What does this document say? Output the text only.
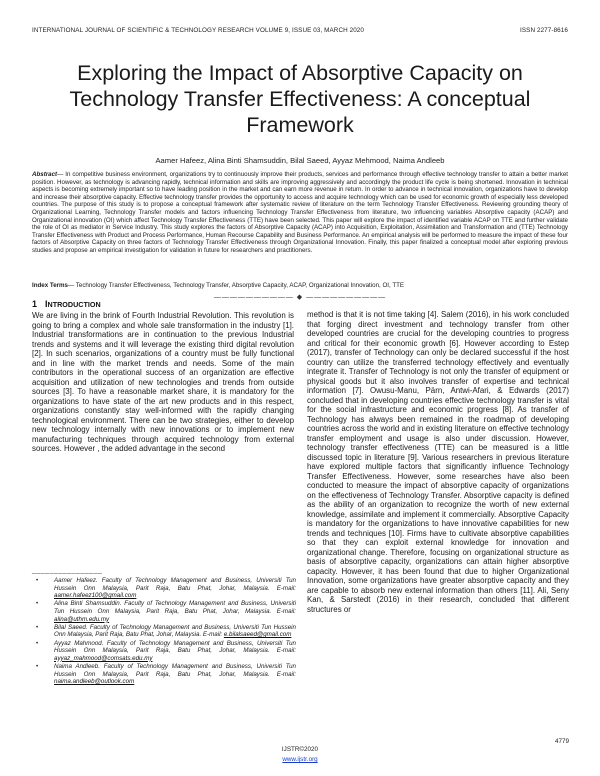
INTERNATIONAL JOURNAL OF SCIENTIFIC & TECHNOLOGY RESEARCH VOLUME 9, ISSUE 03, MARCH 2020	ISSN 2277-8616
Exploring the Impact of Absorptive Capacity on Technology Transfer Effectiveness: A conceptual Framework
Aamer Hafeez, Alina Binti Shamsuddin, Bilal Saeed, Ayyaz Mehmood, Naima Andleeb
Abstract— In competitive business environment, organizations try to continuously improve their products, services and performance through effective technology transfer to attain a better market position. However, as technology is advancing rapidly, technical information and skills are improving aggressively and accordingly the product life cycle is being shortened. Innovation in technical aspects is becoming extremely important so to have leading position in the market and can earn more revenue in return. In order to advance in technical innovation, organizations have to develop and increase their absorptive capacity. Effective technology transfer provides the opportunity to access and acquire technology which can be used for economic growth of especially less developed countries. The purpose of this study is to propose a conceptual framework after systematic review of literature on the term Technology Transfer Effectiveness. Reviewing grounding theory of Organizational Learning, Technology Transfer models and factors influencing Technology Transfer Effectiveness from literature, two influencing variables Absorptive capacity (ACAP) and Organizational innovation (OI) which affect Technology Transfer Effectiveness (TTE) have been selected. This paper will explore the impact of identified variable ACAP on TTE and further validate the role of OI as mediator in Service Industry. This study explores the factors of Absorptive Capacity (ACAP) into Acquisition, Exploitation, Assimilation and Transformation and (TTE) Technology Transfer Effectiveness with Product and Process Performance, Human Recourse Capability and Business Performance. An empirical analysis will be performed to measure the impact of these four factors of Absorptive Capacity on three factors of Technology Transfer Effectiveness through Organizational Innovation. Finally, this paper finalized a conceptual model after exploring previous studies and propose an empirical investigation for validation in future for researchers and practitioners.
Index Terms— Technology Transfer Effectiveness, Technology Transfer, Absorptive Capacity, ACAP, Organizational Innovation, OI, TTE
—————————— ◆ ——————————
1 INTRODUCTION

We are living in the brink of Fourth Industrial Revolution. This revolution is going to bring a complex and whole sale transformation in the industry [1]. Industrial transformations are in continuation to the previous Industrial trends and systems and it will leverage the existing third digital revolution [2]. In such scenarios, organizations of a country must be fully functional and in line with the market trends and needs. Some of the main contributors in the operational success of an organization are effective acquisition and utilization of new technologies and trends from outside sources [3]. To have a reasonable market share, it is mandatory for the organizations to have state of the art new products and in this respect, organizations constantly stay well-informed with the rapidly changing technological environment. There can be two strategies, either to develop new technology internally with new innovations or to implement new manufacturing techniques through acquired technology from external sources. However , the added advantage in the second

method is that it is not time taking [4]. Salem (2016), in his work concluded that forging direct investment and technology transfer from other developed countries are crucial for the developing countries to progress and critical for their economic growth [6]. However according to Estep (2017), transfer of Technology can only be declared successful if the host country can utilize the transferred technology effectively and eventually integrate it. Transfer of Technology is not only the transfer of equipment or physical goods but it also involves transfer of expertise and technical information [7]. Owusu-Manu, Pärn, Antwi-Afari, & Edwards (2017) concluded that in developing countries effective technology transfer is vital for the social infrastructure and economic progress [8]. As transfer of Technology has always been remained in the roadmap of developing countries across the world and in existing literature on effective technology transfer employment and usage is also under discussion. However, technology transfer effectiveness (TTE) can be measured is a little discussed topic in literature [9]. Various researchers in previous literature have explored multiple factors that significantly influence Technology Transfer Effectiveness. However, some researches have also been conducted to measure the impact of absorptive capacity of organizations on the effectiveness of Technology Transfer. Absorptive capacity is defined as the ability of an organization to recognize the worth of new external knowledge, assimilate and implement it commercially. Absorptive Capacity is mandatory for the organizations to have innovative capabilities for new trends and techniques [10]. Firms have to cultivate absorptive capabilities so that they can exploit external knowledge for innovation and organizational change. Therefore, focusing on organizational structure as basis of absorptive capacity, organizations can attain higher absorptive capacity. However, it has been found that due to higher Organizational Innovation, some organizations have greater absorptive capacity and they are capable to absorb new external information than others [11]. Ali, Seny Kan, & Sarstedt (2016) in their research, concluded that different structures or

________________
•	Aamer Hafeez. Faculty of Technology Management and Business, Universiti Tun Hussein Onn Malaysia, Parit Raja, Batu Phat, Johar, Malaysia. E-mail: aamer.hafeez100@gmail.com
•	Alina Binti Shamsuddin. Faculty of Technology Management and Business, Universiti Tun Hussein Onn Malaysia, Parit Raja, Batu Phat, Johar, Malaysia. E-mail: alina@uthm.edu.my
•	Bilal Saeed. Faculty of Technology Management and Business, Universiti Tun Hussein Onn Malaysia, Parit Raja, Batu Phat, Johar, Malaysia. E-mail: e.bilalsaeed@gmail.com
•	Ayyaz Mahmood. Faculty of Technology Management and Business, Universiti Tun Hussein Onn Malaysia, Parit Raja, Batu Phat, Johar, Malaysia. E-mail: ayyaz_mahmood@comsats.edu.my
•	Naima Andleeb. Faculty of Technology Management and Business, Universiti Tun Hussein Onn Malaysia, Parit Raja, Batu Phat, Johar, Malaysia. E-mail: naima.andleeb@outlook.com
4779
IJSTR©2020
www.ijstr.org
